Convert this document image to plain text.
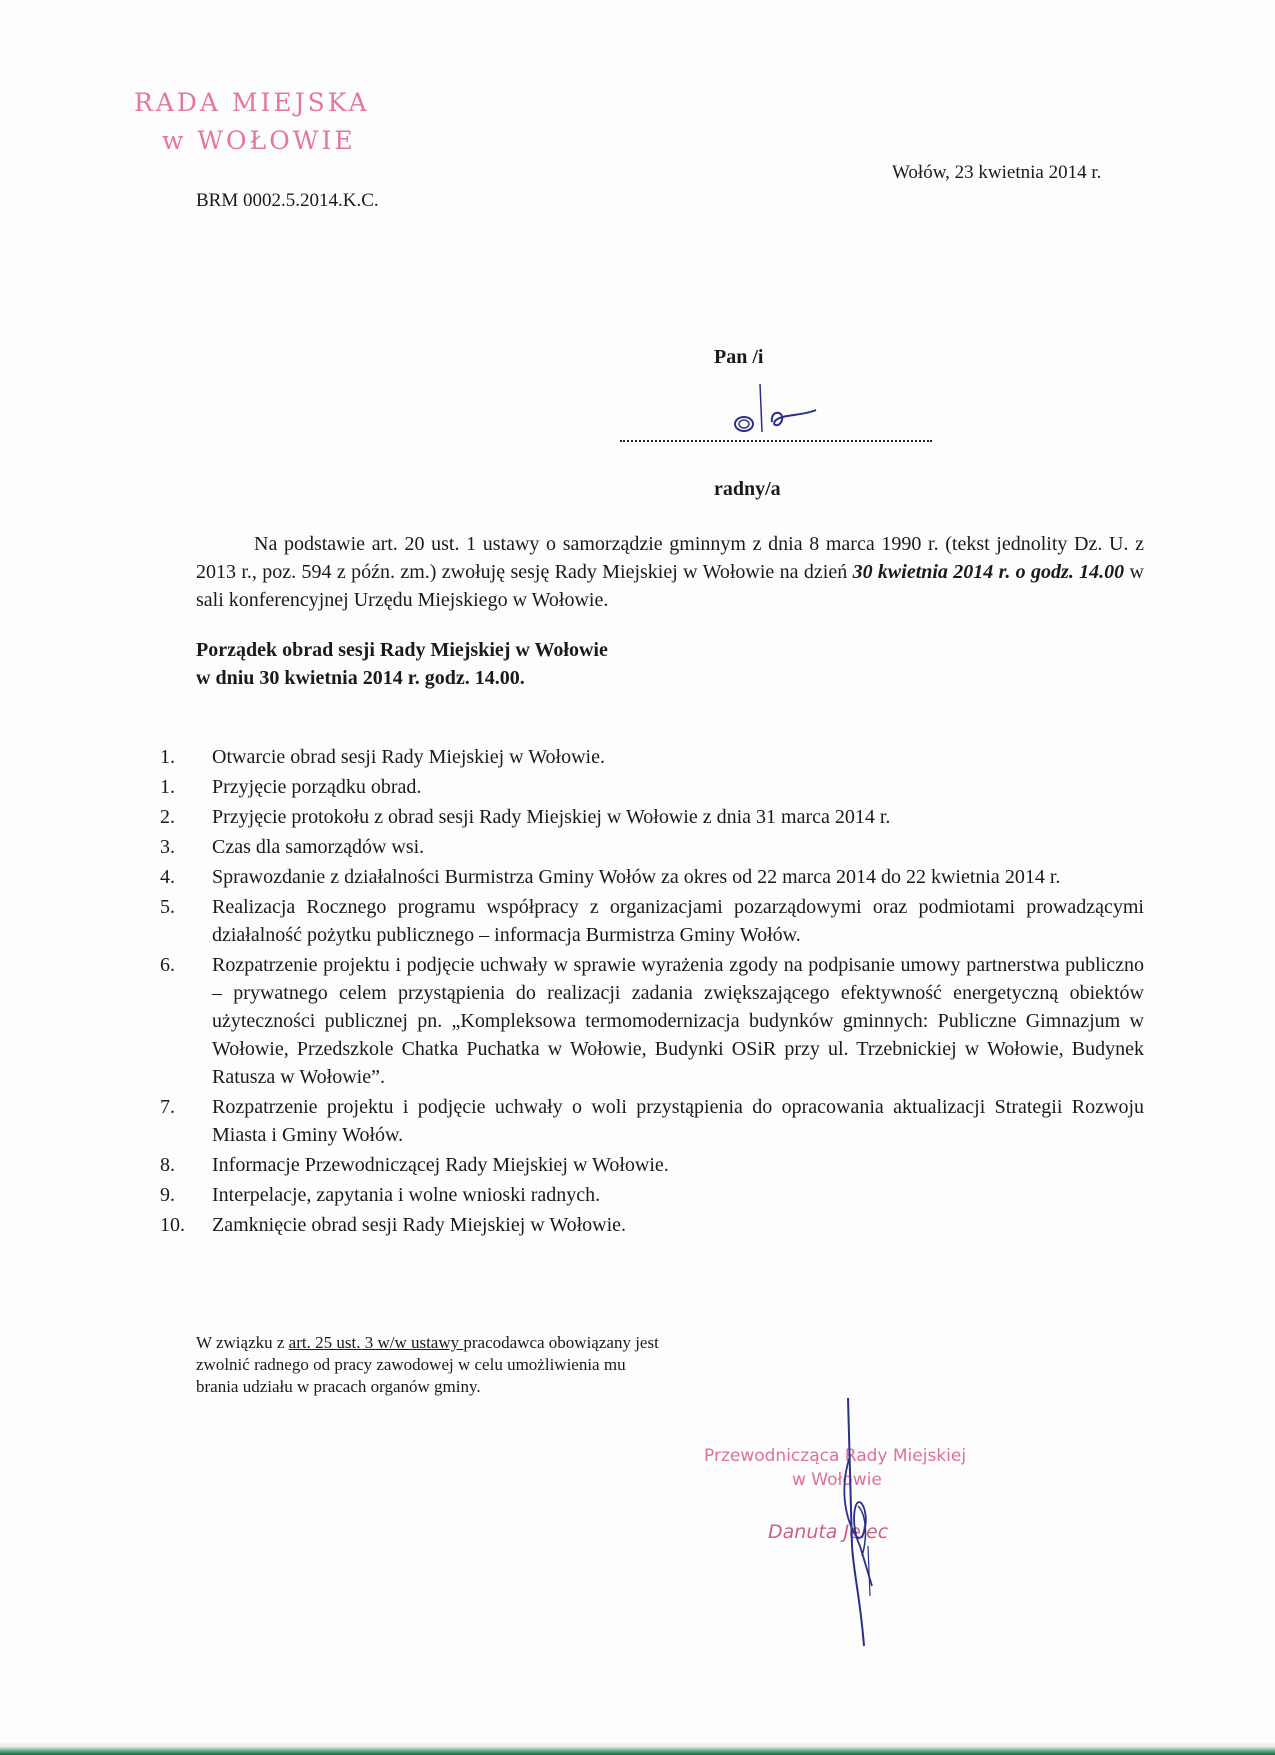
RADA MIEJSKA
w WOŁOWIE
Wołów, 23 kwietnia 2014 r.
BRM 0002.5.2014.K.C.
Pan /i
radny/a
Na podstawie art. 20 ust. 1 ustawy o samorządzie gminnym z dnia 8 marca 1990 r. (tekst jednolity Dz. U. z 2013 r., poz. 594 z późn. zm.) zwołuję sesję Rady Miejskiej w Wołowie na dzień 30 kwietnia 2014 r. o godz. 14.00 w sali konferencyjnej Urzędu Miejskiego w Wołowie.
Porządek obrad sesji Rady Miejskiej w Wołowie
w dniu 30 kwietnia 2014 r. godz. 14.00.
1.	Otwarcie obrad sesji Rady Miejskiej w Wołowie.
1.	Przyjęcie porządku obrad.
2.	Przyjęcie protokołu z obrad sesji Rady Miejskiej w Wołowie z dnia 31 marca 2014 r.
3.	Czas dla samorządów wsi.
4.	Sprawozdanie z działalności Burmistrza Gminy Wołów za okres od 22 marca 2014 do 22 kwietnia 2014 r.
5.	Realizacja Rocznego programu współpracy z organizacjami pozarządowymi oraz podmiotami prowadzącymi działalność pożytku publicznego – informacja Burmistrza Gminy Wołów.
6.	Rozpatrzenie projektu i podjęcie uchwały w sprawie wyrażenia zgody na podpisanie umowy partnerstwa publiczno – prywatnego celem przystąpienia do realizacji zadania zwiększającego efektywność energetyczną obiektów użyteczności publicznej pn. „Kompleksowa termomodernizacja budynków gminnych: Publiczne Gimnazjum w Wołowie, Przedszkole Chatka Puchatka w Wołowie, Budynki OSiR przy ul. Trzebnickiej w Wołowie, Budynek Ratusza w Wołowie”.
7.	Rozpatrzenie projektu i podjęcie uchwały o woli przystąpienia do opracowania aktualizacji Strategii Rozwoju Miasta i Gminy Wołów.
8.	Informacje Przewodniczącej Rady Miejskiej w Wołowie.
9.	Interpelacje, zapytania i wolne wnioski radnych.
10.	Zamknięcie obrad sesji Rady Miejskiej w Wołowie.
W związku z art. 25 ust. 3 w/w ustawy pracodawca obowiązany jest zwolnić radnego od pracy zawodowej w celu umożliwienia mu brania udziału w pracach organów gminy.
Przewodnicząca Rady Miejskiej
w Wołowie
Danuta Jelec
